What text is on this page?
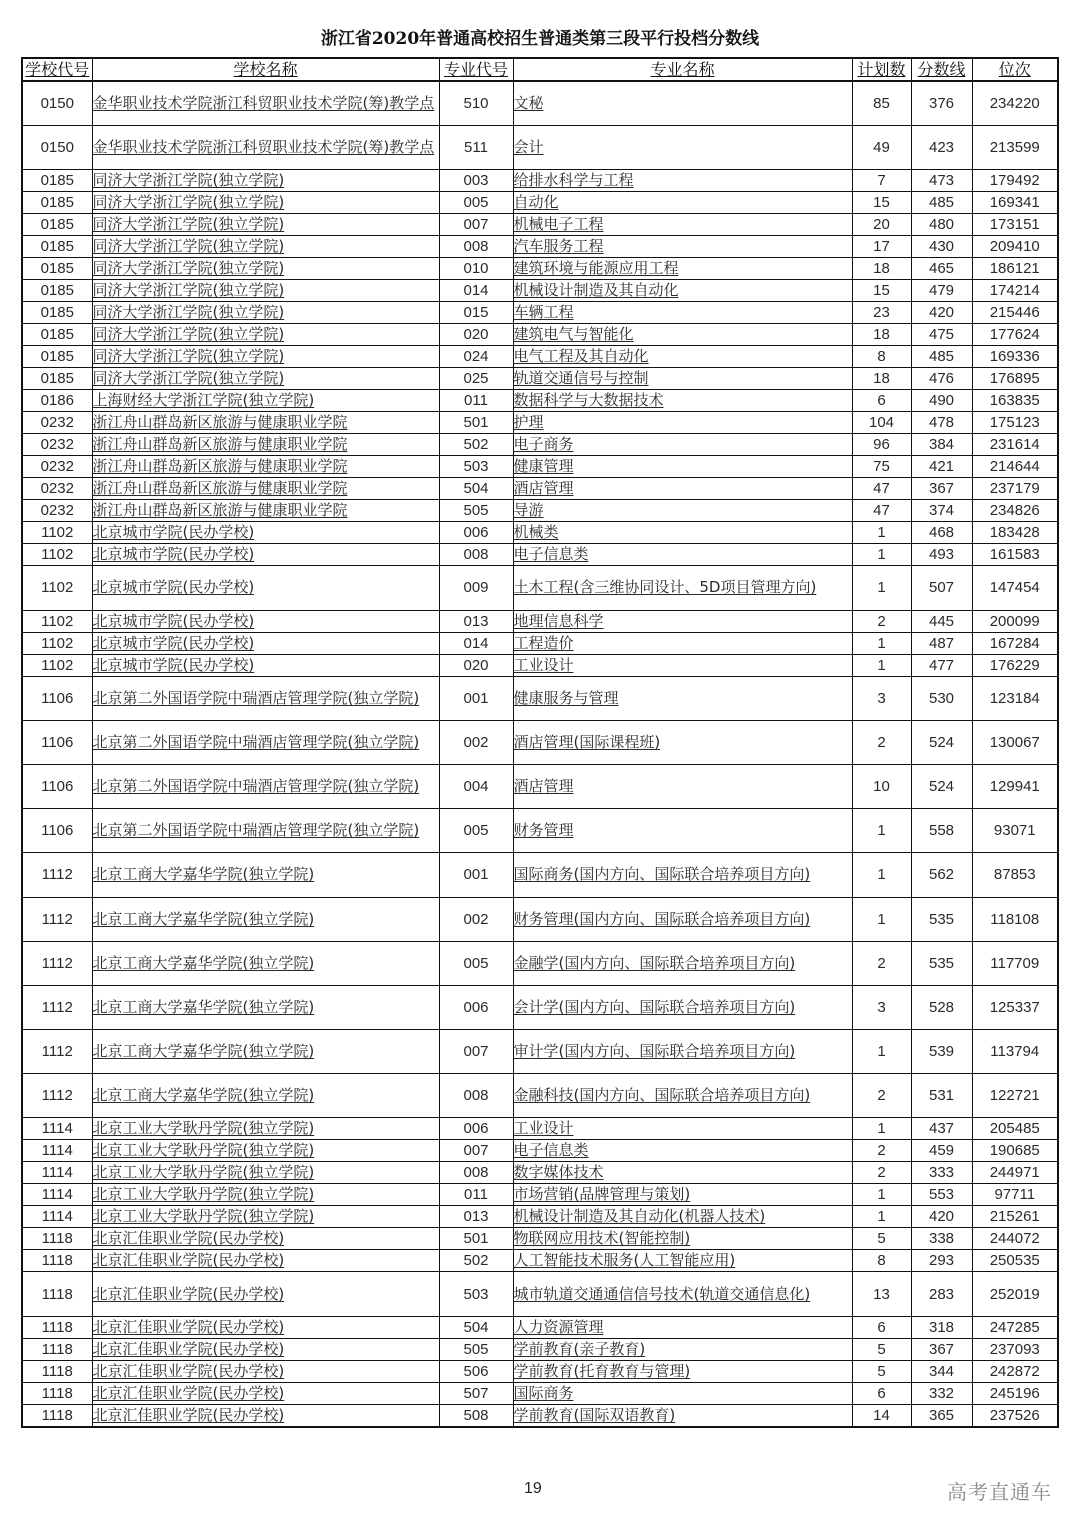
浙江省2020年普通高校招生普通类第三段平行投档分数线
学校代号	学校名称	专业代号	专业名称	计划数	分数线	位次
0150	金华职业技术学院浙江科贸职业技术学院(筹)教学点	510	文秘	85	376	234220
0150	金华职业技术学院浙江科贸职业技术学院(筹)教学点	511	会计	49	423	213599
0185	同济大学浙江学院(独立学院)	003	给排水科学与工程	7	473	179492
0185	同济大学浙江学院(独立学院)	005	自动化	15	485	169341
0185	同济大学浙江学院(独立学院)	007	机械电子工程	20	480	173151
0185	同济大学浙江学院(独立学院)	008	汽车服务工程	17	430	209410
0185	同济大学浙江学院(独立学院)	010	建筑环境与能源应用工程	18	465	186121
0185	同济大学浙江学院(独立学院)	014	机械设计制造及其自动化	15	479	174214
0185	同济大学浙江学院(独立学院)	015	车辆工程	23	420	215446
0185	同济大学浙江学院(独立学院)	020	建筑电气与智能化	18	475	177624
0185	同济大学浙江学院(独立学院)	024	电气工程及其自动化	8	485	169336
0185	同济大学浙江学院(独立学院)	025	轨道交通信号与控制	18	476	176895
0186	上海财经大学浙江学院(独立学院)	011	数据科学与大数据技术	6	490	163835
0232	浙江舟山群岛新区旅游与健康职业学院	501	护理	104	478	175123
0232	浙江舟山群岛新区旅游与健康职业学院	502	电子商务	96	384	231614
0232	浙江舟山群岛新区旅游与健康职业学院	503	健康管理	75	421	214644
0232	浙江舟山群岛新区旅游与健康职业学院	504	酒店管理	47	367	237179
0232	浙江舟山群岛新区旅游与健康职业学院	505	导游	47	374	234826
1102	北京城市学院(民办学校)	006	机械类	1	468	183428
1102	北京城市学院(民办学校)	008	电子信息类	1	493	161583
1102	北京城市学院(民办学校)	009	土木工程(含三维协同设计、5D项目管理方向)	1	507	147454
1102	北京城市学院(民办学校)	013	地理信息科学	2	445	200099
1102	北京城市学院(民办学校)	014	工程造价	1	487	167284
1102	北京城市学院(民办学校)	020	工业设计	1	477	176229
1106	北京第二外国语学院中瑞酒店管理学院(独立学院)	001	健康服务与管理	3	530	123184
1106	北京第二外国语学院中瑞酒店管理学院(独立学院)	002	酒店管理(国际课程班)	2	524	130067
1106	北京第二外国语学院中瑞酒店管理学院(独立学院)	004	酒店管理	10	524	129941
1106	北京第二外国语学院中瑞酒店管理学院(独立学院)	005	财务管理	1	558	93071
1112	北京工商大学嘉华学院(独立学院)	001	国际商务(国内方向、国际联合培养项目方向)	1	562	87853
1112	北京工商大学嘉华学院(独立学院)	002	财务管理(国内方向、国际联合培养项目方向)	1	535	118108
1112	北京工商大学嘉华学院(独立学院)	005	金融学(国内方向、国际联合培养项目方向)	2	535	117709
1112	北京工商大学嘉华学院(独立学院)	006	会计学(国内方向、国际联合培养项目方向)	3	528	125337
1112	北京工商大学嘉华学院(独立学院)	007	审计学(国内方向、国际联合培养项目方向)	1	539	113794
1112	北京工商大学嘉华学院(独立学院)	008	金融科技(国内方向、国际联合培养项目方向)	2	531	122721
1114	北京工业大学耿丹学院(独立学院)	006	工业设计	1	437	205485
1114	北京工业大学耿丹学院(独立学院)	007	电子信息类	2	459	190685
1114	北京工业大学耿丹学院(独立学院)	008	数字媒体技术	2	333	244971
1114	北京工业大学耿丹学院(独立学院)	011	市场营销(品牌管理与策划)	1	553	97711
1114	北京工业大学耿丹学院(独立学院)	013	机械设计制造及其自动化(机器人技术)	1	420	215261
1118	北京汇佳职业学院(民办学校)	501	物联网应用技术(智能控制)	5	338	244072
1118	北京汇佳职业学院(民办学校)	502	人工智能技术服务(人工智能应用)	8	293	250535
1118	北京汇佳职业学院(民办学校)	503	城市轨道交通通信信号技术(轨道交通信息化)	13	283	252019
1118	北京汇佳职业学院(民办学校)	504	人力资源管理	6	318	247285
1118	北京汇佳职业学院(民办学校)	505	学前教育(亲子教育)	5	367	237093
1118	北京汇佳职业学院(民办学校)	506	学前教育(托育教育与管理)	5	344	242872
1118	北京汇佳职业学院(民办学校)	507	国际商务	6	332	245196
1118	北京汇佳职业学院(民办学校)	508	学前教育(国际双语教育)	14	365	237526
19	高考直通车
